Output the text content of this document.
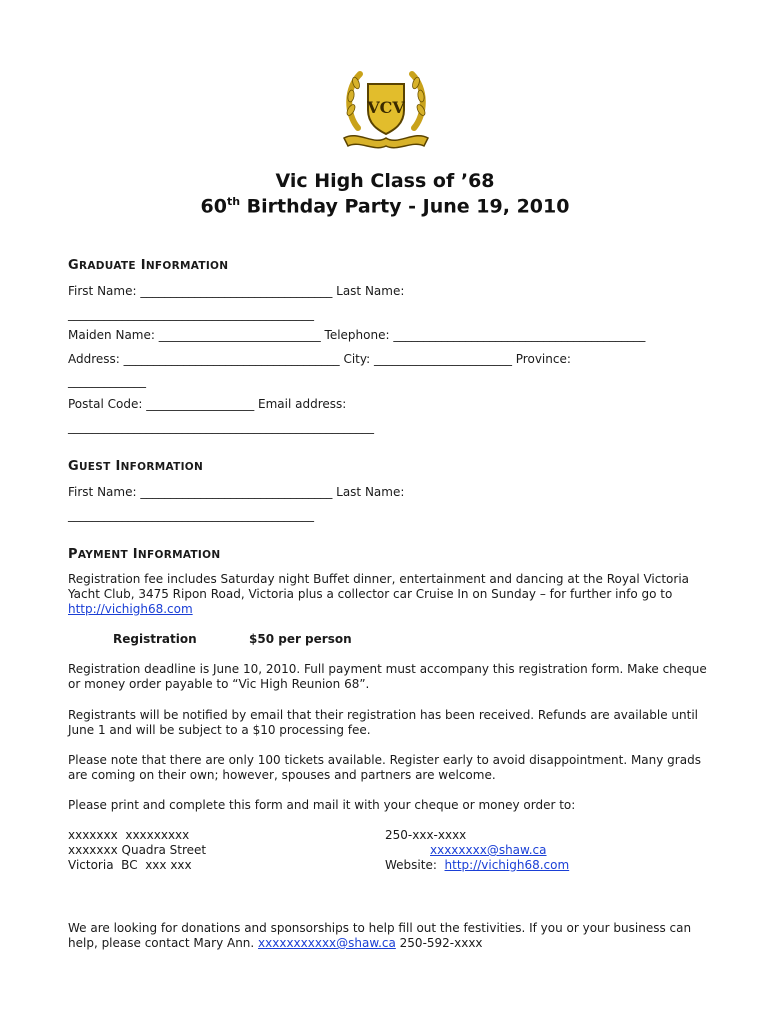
VCV
Vic High Class of ’68
60th Birthday Party - June 19, 2010
GRADUATE INFORMATION
First Name: ________________________________ Last Name:
_________________________________________
Maiden Name: ___________________________ Telephone: __________________________________________
Address: ____________________________________ City: _______________________ Province:
_____________
Postal Code: __________________ Email address:
___________________________________________________
GUEST INFORMATION
First Name: ________________________________ Last Name:
_________________________________________
PAYMENT INFORMATION
Registration fee includes Saturday night Buffet dinner, entertainment and dancing at the Royal Victoria Yacht Club, 3475 Ripon Road, Victoria plus a collector car Cruise In on Sunday – for further info go to http://vichigh68.com
Registration	$50 per person
Registration deadline is June 10, 2010. Full payment must accompany this registration form. Make cheque or money order payable to “Vic High Reunion 68”.
Registrants will be notified by email that their registration has been received. Refunds are available until June 1 and will be subject to a $10 processing fee.
Please note that there are only 100 tickets available. Register early to avoid disappointment. Many grads are coming on their own; however, spouses and partners are welcome.
Please print and complete this form and mail it with your cheque or money order to:
xxxxxxx  xxxxxxxxx
xxxxxxx Quadra Street
Victoria  BC  xxx xxx
250-xxx-xxxx
xxxxxxxx@shaw.ca
Website:  http://vichigh68.com
We are looking for donations and sponsorships to help fill out the festivities. If you or your business can help, please contact Mary Ann. xxxxxxxxxxx@shaw.ca 250-592-xxxx
